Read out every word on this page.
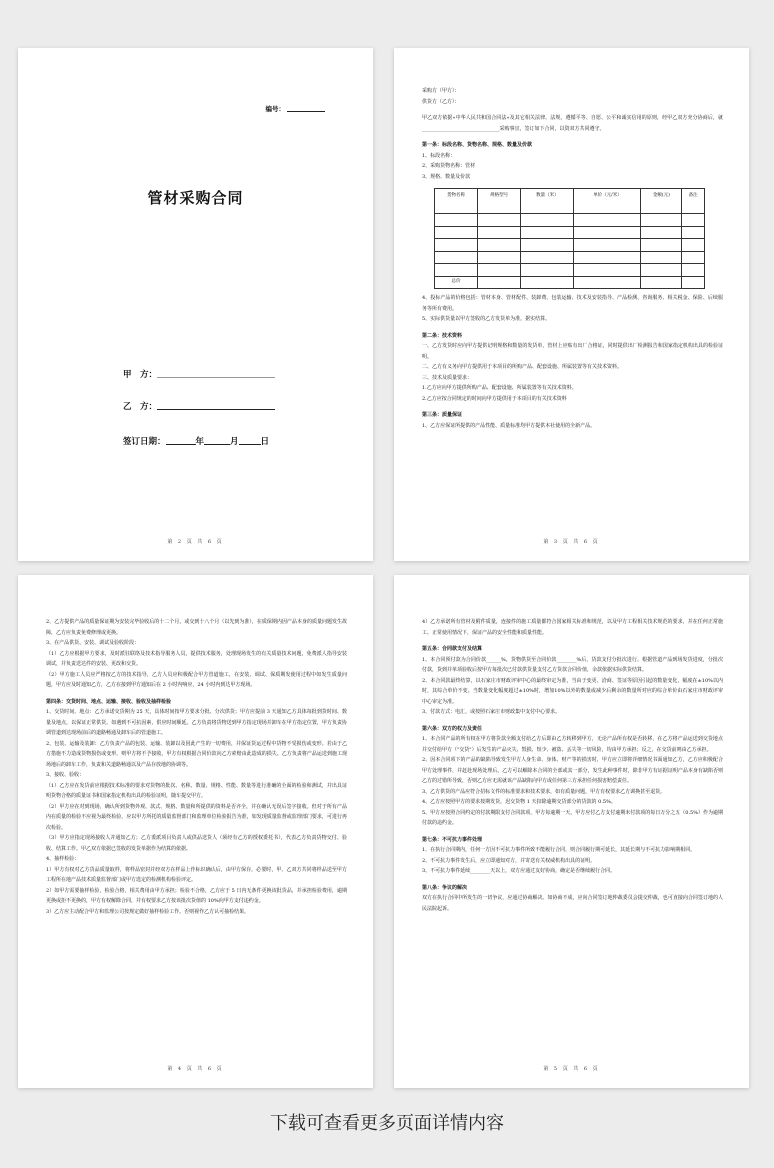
编号：
管材采购合同
甲　方：
乙　方：
签订日期：	年	月	日
第 2 页 共 6 页

采购方（甲方）：

供货方（乙方）：

甲乙双方依据«中华人民共和国合同法»及其它相关法律、法规，遵循平等、自愿、公平和诚实信用的原则，经甲乙双方充分协商后，就_______________________________采购事宜，签订如下合同，以资双方共同遵守。

第一条：标段名称、货物名称、规格、数量及价款

1、标段名称：

2、采购货物名称：管材

3、规格、数量及价款

货物名称	规格型号	数量（米）	单价（元/米）	金额(元)	备注

总价					

4、投标产品的价格包括：管材本身、管材配件、装卸费、包装运输、技术及安装指导、产品检测、咨询服务、相关税金、保险、后续服务等所有费用。

5、实际供货量以甲方签收的乙方发货单为准，据实结算。

第二条：技术资料

一、乙方发货时应向甲方提供记明规格和数量的发货单，管材上应贴有出厂合格证，同时提供出厂检测报告和国家指定机构出具的检验证明。

二、乙方有义务向甲方提供用于本项目的所购产品、配套设施、所属装置等有关技术资料。

三、技术及质量要求：

1.乙方应向甲方提供所购产品、配套设施、所属装置等有关技术资料。

2.乙方应按合同规定的时间向甲方提供用于本项目的有关技术资料

第三条：质量保证

1、乙方应保证所提供的产品性能、质量标准均甲方提供本社使用的全新产品。

第 3 页 共 6 页

2、乙方提供产品的质量保证期为安装完毕验收后的十二个月，或交到十八个月（以先到为准），在质保期内因产品本身的质量问题发生故障，乙方应负责免费修理或更换。

3、在产品供货、安装、调试及验收阶段：

（1）乙方应根据甲方要求，及时派驻联络及技术指导服务人员，提供技术服务，处理现场发生的有关质量技术问题，免费派人指导安装调试，并负责送达件的安装、更改和交货。

（2）甲方施工人员应严格按乙方的技术指导，乙方人员应积极配合甲方管道施工，在安装、调试、保质期发使用过程中如发生质量问题，甲方应及时通知乙方，乙方在接到甲方通知后在 2 小时内响应，24 小时内到达甲方现场。

第四条：交货时间、地点、运输、接收、验收及抽样检验

1、交货时间、地点：乙方承诺交货期为 25 天，具体时间按甲方要求分批、分次供货；甲方应提前 3 天通知乙方具体每批到货时间、数量及地点，以保证正常供货。如遇到不可抗因素，供应时间顺延。乙方负责将货物送到甲方指定现场并卸车在甲方指定位置，甲方负责协调管道到达现场前后的道路畅通及卸车后的管道施工。

2、包装、运输及装卸：乙方负责产品的包装、运输、装卸以及因此产生的一切费用，并保证货运过程中货物不受损伤或变形。若由于乙方措施不力造成货物损伤或变形，则甲方将不予接收，甲方有权根据合同价款向乙方索赔由此造成的损失。乙方负责将产品运送到施工现场地后的卸车工作，负责和关道路畅通以及产品存放地的协调等。

3、接收、验收：

（1）乙方应在发货前应根据技术标准的要求对货物的批次、名称、数量、规格、性能、数量等进行准确的全面的检验和测试，并出具证明货物合格的质量证书和国家指定机构出具的检验证明，随车提交甲方。

（2）甲方应在对到现场，确认所到货物外观、款式、规格、数量和所提供的资料是否齐全，并在确认无误后签字接收。但对于所有产品内在质量的检验不应视为最终检验，应以甲方所托的质量监督部门和监理单位检验报告为准，如发现质量监督或监理部门要求，可进行再次检验。

（3）甲方应指定现场接收人并通知乙方；乙方委派项目负责人或供品送货人（须经有乙方的授权委托书），代表乙方负责货物交付、验收、结算工作。甲乙双方依据已签收的发货单据作为结算的依据。

4、抽样检验：

1）甲方有权对乙方货品质量取样，将样品密封并经双方在样品上作标识确认后，由甲方保存，必要时，甲、乙双方共同将样品送至甲方工程所在地产品技术质量监督部门或甲方选定的检测机构检验评定。

2）如甲方需要抽样检验，检验合格，相关费用由甲方承担；检验不合格，乙方应于 5 日内无条件更换该批货品，并承担检验费用，逾期更换或拒不更换的，甲方有权解除合同，并有权要求乙方按该批次货值的 10%向甲方支付违约金。

3）乙方应主动配合甲方和监理公司按规定做好抽样检验工作。否则视作乙方认可抽检结果。

第 4 页 共 6 页

4）乙方承诺所有管材及附件质量，连接件的施工质量都符合国家相关标准和规范，以及甲方工程相关技术规范的要求，并在任何正常施工、正常使用情况下，保证产品的安全性能和质量性能。

第五条：合同款支付及结算

1、本合同预付款为合同价款______%，货物供货至合同价款________%后，货款支付分批次进行。根据管道产品到场发货进度，分批次付款，货到并单项验收后按甲方每批次已付款供货量支付乙方货款合同价值，余款依据实际供货结算。

2、本合同款最终结算，以石家庄市财政评审中心的最终审定为准，当由于变更、洽商、签证等原因引起的数量变化，幅度在±10%以内时，其综合单价不变。当数量变化幅度超过±10%时，增加10%以外的数量或减少后剩余的数量所对应的综合单价由石家庄市财政评审中心审定为准。

3、付款方式：电汇，或按照石家庄市财政集中支付中心要求。

第六条：双方的权力及责任

1、本合同产品的所有权在甲方将货款全额支付给乙方后即由乙方转移到甲方，无论产品所有权是否转移，在乙方将产品运送到交货地点并交付给甲方（"交货"）后发生的产品灭失、毁损、短少、被盗、丢失等一切风险，均由甲方承担；反之，在交货前则由乙方承担。

2、因本合同项下的产品的缺陷导致发生甲方人身生命、身体、财产等的损害时，甲方应立即将详细情况书面通知乙方，乙方应积极配合甲方处理事件，并赶赴现场处理后，乙方可以解除本合同的全部或其一部分，发生此种事件时，除非甲方有证据证明产品本身有缺陷否则乙方的过错所导致，否则乙方应无需就该产品缺陷向甲方或任何第三方承担任何损害赔偿责任。

3、乙方供货的产品应符合招标文件的标准要求和技术要求，如有质量问题，甲方有权要求乙方调换甚至退货。

4、乙方应按照甲方的要求按期发货，迟交货物 1 天扣除逾期交货部分的货款的 0.5%。

5、甲方应按照合同约定的付款期限支付合同款项，甲方每逾期一天，甲方应付乙方支付逾期未付款项的每日万分之五（0.5%）作为逾期付款的违约金。

第七条：不可抗力事件处理

1、在执行合同期内，任何一方因不可抗力事件所致不能履行合同，则合同履行期可延长，其延长期与不可抗力影响期相同。

2、不可抗力事件发生后，应立即通知对方，并寄送有关权威机构出具的证明。

3、不可抗力事件延续________天以上，双方应通过友好协商，确定是否继续履行合同。

第八条：争议的解决

双方在执行合同中所发生的一切争议，应通过协商解决。如协商不成，应向合同签订地仲裁委员会提交仲裁，也可直接向合同签订地的人民法院起诉。

第 5 页 共 6 页
下载可查看更多页面详情内容
